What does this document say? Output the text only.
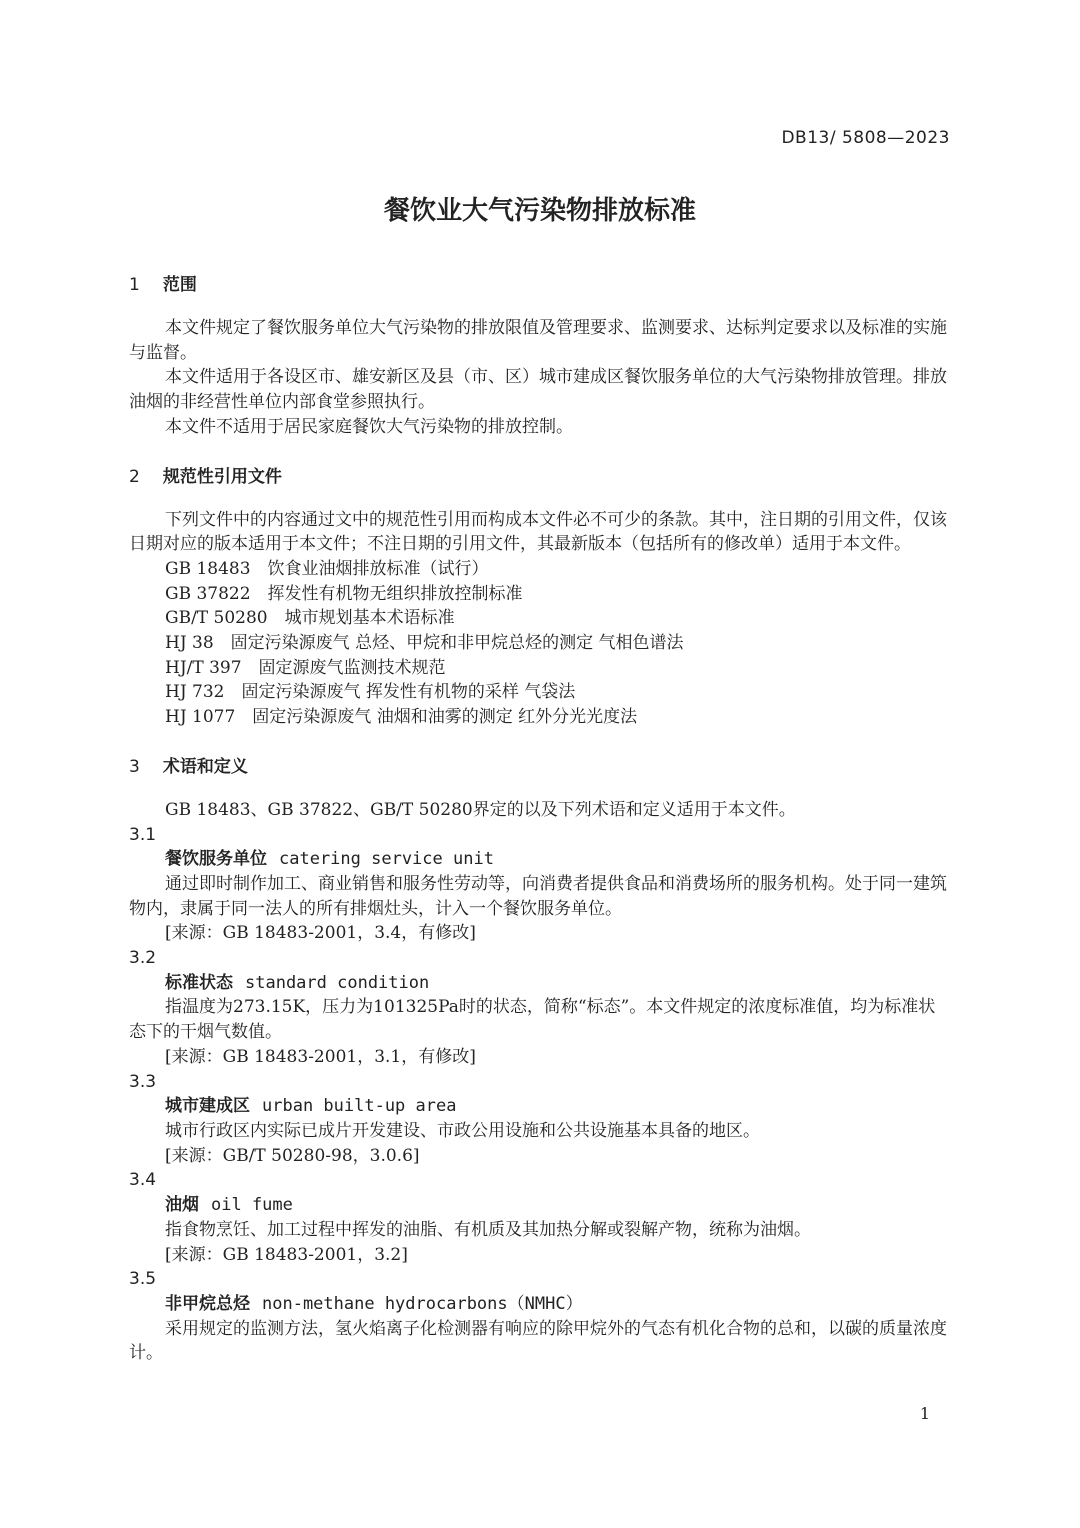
DB13/ 5808—2023
餐饮业大气污染物排放标准
1 范围

本文件规定了餐饮服务单位大气污染物的排放限值及管理要求、监测要求、达标判定要求以及标准的实施与监督。

本文件适用于各设区市、雄安新区及县（市、区）城市建成区餐饮服务单位的大气污染物排放管理。排放油烟的非经营性单位内部食堂参照执行。

本文件不适用于居民家庭餐饮大气污染物的排放控制。

2 规范性引用文件

下列文件中的内容通过文中的规范性引用而构成本文件必不可少的条款。其中，注日期的引用文件，仅该日期对应的版本适用于本文件；不注日期的引用文件，其最新版本（包括所有的修改单）适用于本文件。

GB 18483　饮食业油烟排放标准（试行）
GB 37822　挥发性有机物无组织排放控制标准
GB/T 50280　城市规划基本术语标准
HJ 38　固定污染源废气 总烃、甲烷和非甲烷总烃的测定 气相色谱法
HJ/T 397　固定源废气监测技术规范
HJ 732　固定污染源废气 挥发性有机物的采样 气袋法
HJ 1077　固定污染源废气 油烟和油雾的测定 红外分光光度法
3 术语和定义

GB 18483、GB 37822、GB/T 50280界定的以及下列术语和定义适用于本文件。

3.1
餐饮服务单位 catering service unit

通过即时制作加工、商业销售和服务性劳动等，向消费者提供食品和消费场所的服务机构。处于同一建筑物内，隶属于同一法人的所有排烟灶头，计入一个餐饮服务单位。

[来源：GB 18483-2001，3.4，有修改]
3.2
标准状态 standard condition

指温度为273.15K，压力为101325Pa时的状态，简称“标态”。本文件规定的浓度标准值，均为标准状态下的干烟气数值。

[来源：GB 18483-2001，3.1，有修改]
3.3
城市建成区 urban built-up area

城市行政区内实际已成片开发建设、市政公用设施和公共设施基本具备的地区。

[来源：GB/T 50280-98，3.0.6]
3.4
油烟 oil fume

指食物烹饪、加工过程中挥发的油脂、有机质及其加热分解或裂解产物，统称为油烟。

[来源：GB 18483-2001，3.2]
3.5
非甲烷总烃 non-methane hydrocarbons（NMHC）

采用规定的监测方法，氢火焰离子化检测器有响应的除甲烷外的气态有机化合物的总和，以碳的质量浓度计。

1
